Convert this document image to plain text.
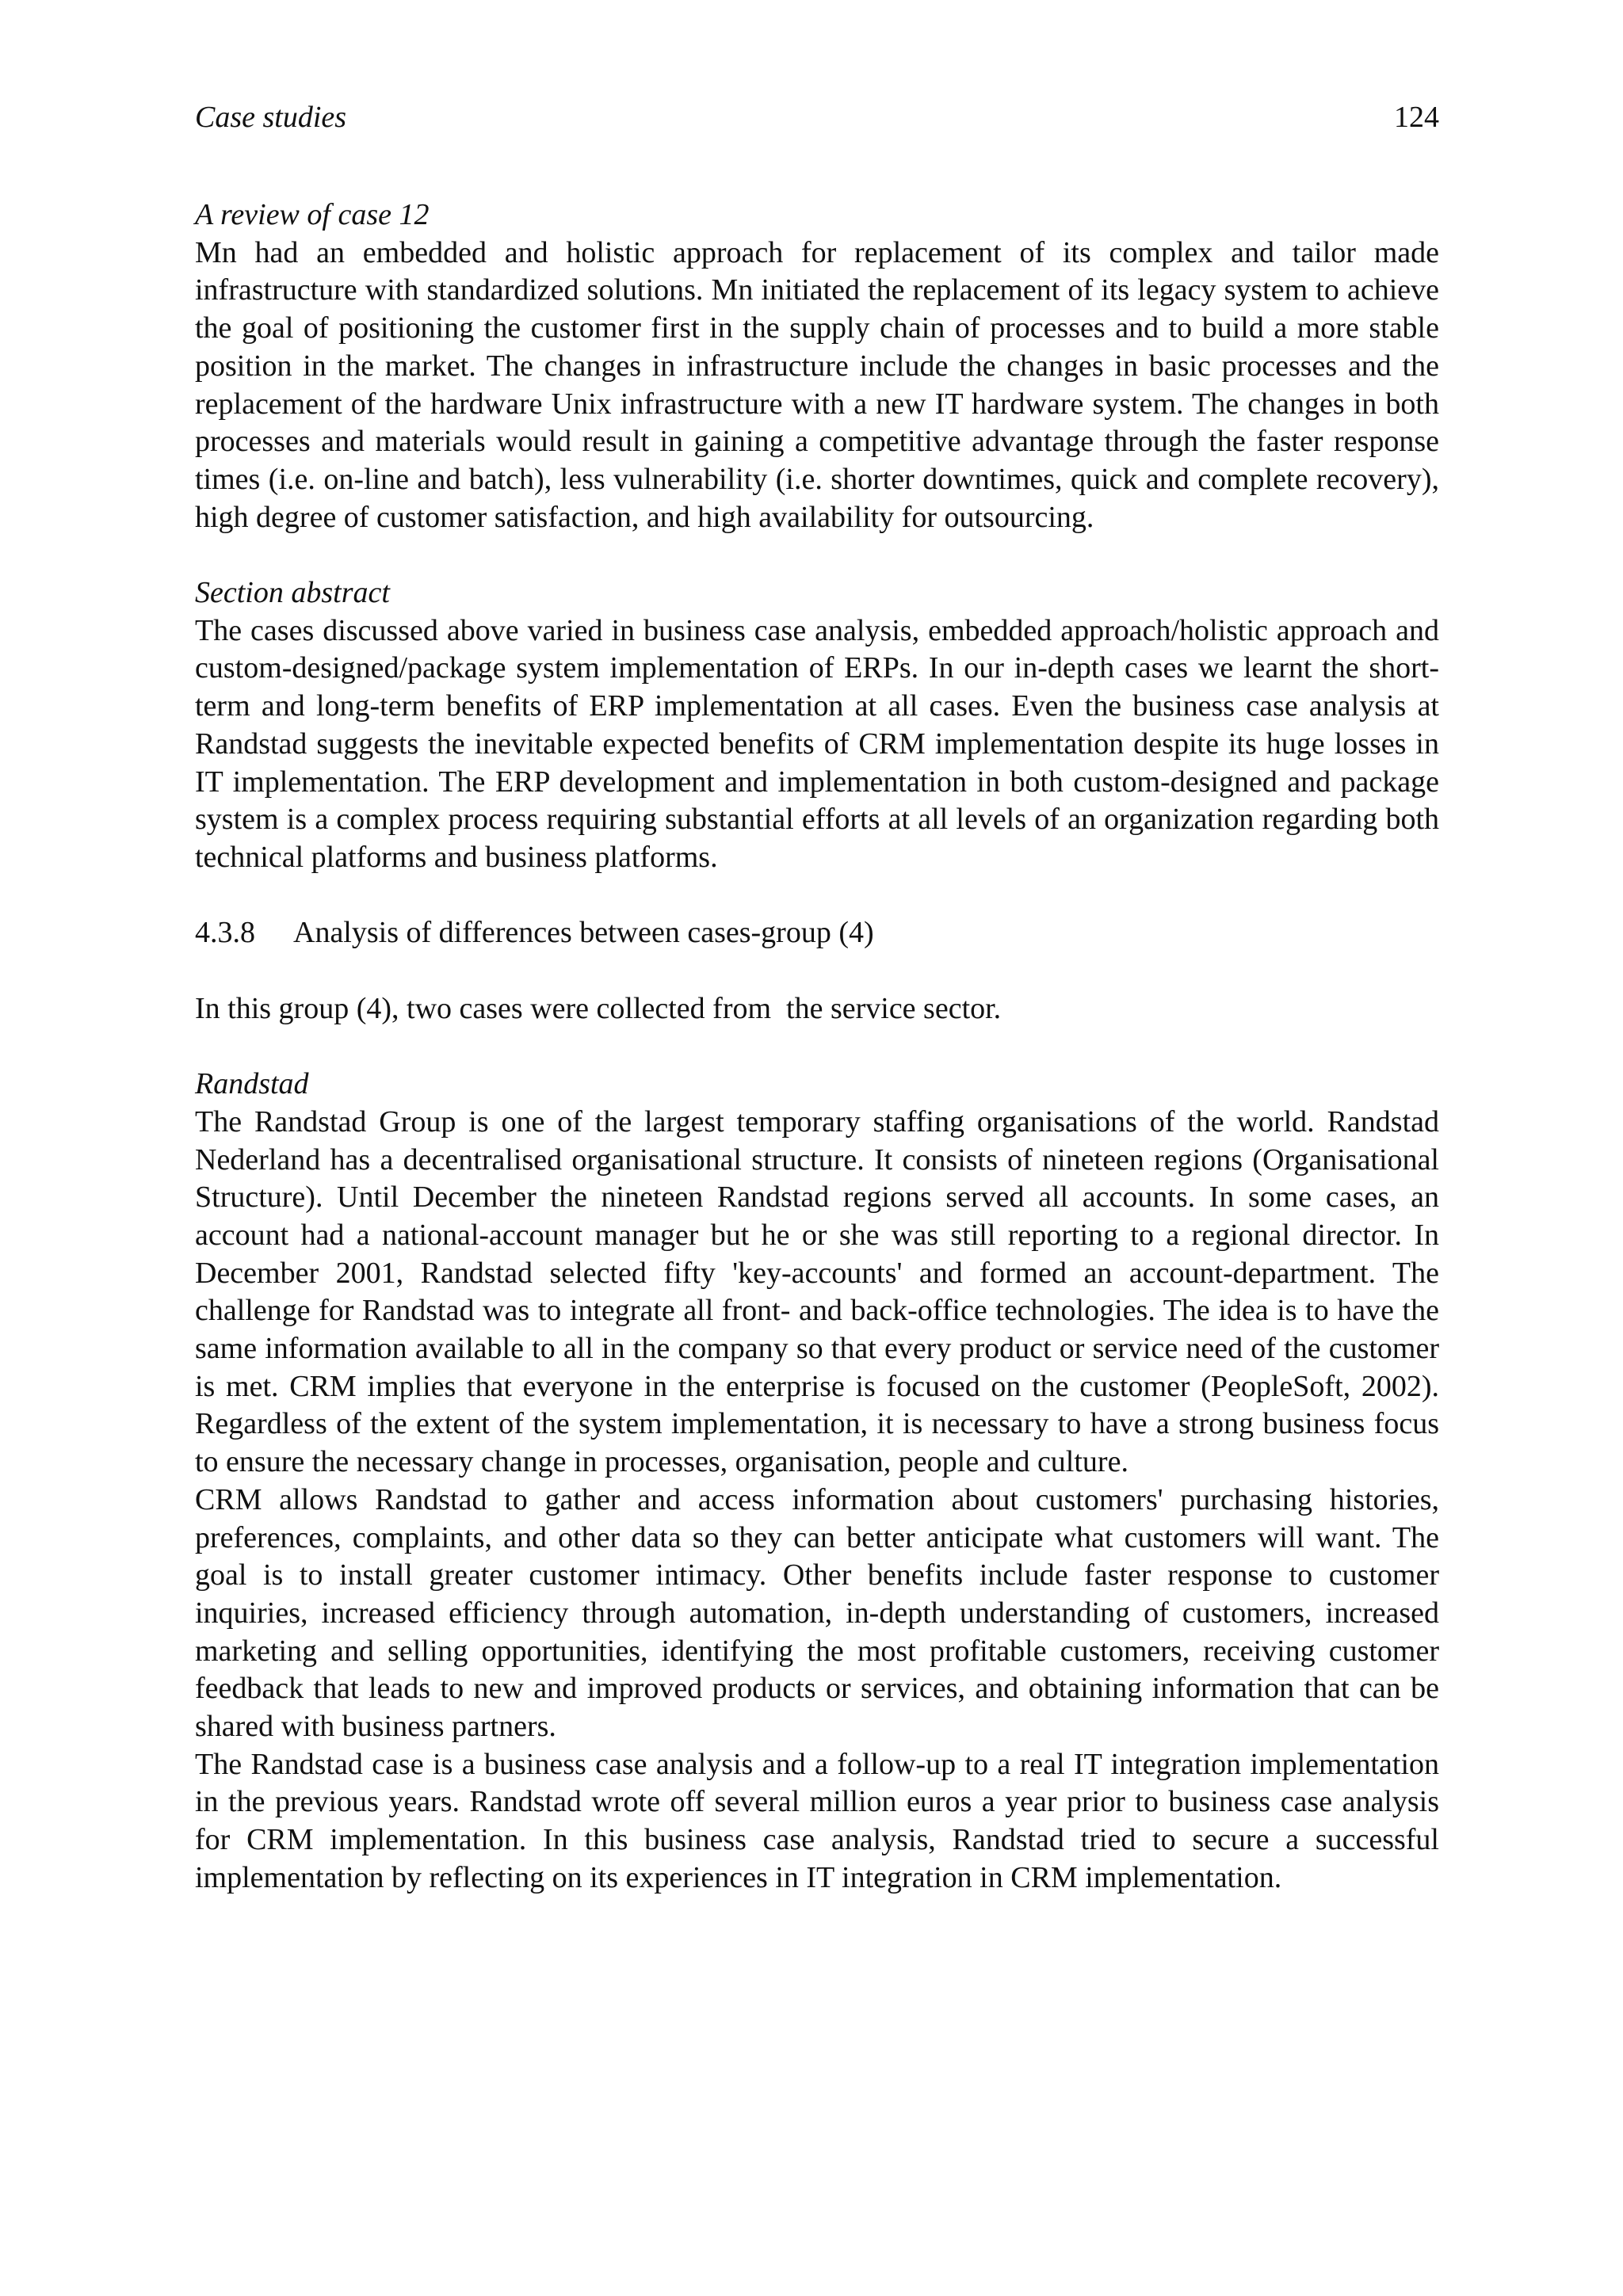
Case studies	124

A review of case 12

Mn had an embedded and holistic approach for replacement of its complex and tailor made infrastructure with standardized solutions. Mn initiated the replacement of its legacy system to achieve the goal of positioning the customer first in the supply chain of processes and to build a more stable position in the market. The changes in infrastructure include the changes in basic processes and the replacement of the hardware Unix infrastructure with a new IT hardware system. The changes in both processes and materials would result in gaining a competitive advantage through the faster response times (i.e. on-line and batch), less vulnerability (i.e. shorter downtimes, quick and complete recovery), high degree of customer satisfaction, and high availability for outsourcing.

Section abstract

The cases discussed above varied in business case analysis, embedded approach/holistic approach and custom-designed/package system implementation of ERPs. In our in-depth cases we learnt the short-term and long-term benefits of ERP implementation at all cases. Even the business case analysis at Randstad suggests the inevitable expected benefits of CRM implementation despite its huge losses in IT implementation. The ERP development and implementation in both custom-designed and package system is a complex process requiring substantial efforts at all levels of an organization regarding both technical platforms and business platforms.

4.3.8 Analysis of differences between cases-group (4)

In this group (4), two cases were collected from  the service sector.

Randstad

The Randstad Group is one of the largest temporary staffing organisations of the world. Randstad Nederland has a decentralised organisational structure. It consists of nineteen regions (Organisational Structure). Until December the nineteen Randstad regions served all accounts. In some cases, an account had a national-account manager but he or she was still reporting to a regional director. In December 2001, Randstad selected fifty 'key-accounts' and formed an account-department. The challenge for Randstad was to integrate all front- and back-office technologies. The idea is to have the same information available to all in the company so that every product or service need of the customer is met. CRM implies that everyone in the enterprise is focused on the customer (PeopleSoft, 2002). Regardless of the extent of the system implementation, it is necessary to have a strong business focus to ensure the necessary change in processes, organisation, people and culture.

CRM allows Randstad to gather and access information about customers' purchasing histories, preferences, complaints, and other data so they can better anticipate what customers will want. The goal is to install greater customer intimacy. Other benefits include faster response to customer inquiries, increased efficiency through automation, in-depth understanding of customers, increased marketing and selling opportunities, identifying the most profitable customers, receiving customer feedback that leads to new and improved products or services, and obtaining information that can be shared with business partners.

The Randstad case is a business case analysis and a follow-up to a real IT integration implementation in the previous years. Randstad wrote off several million euros a year prior to business case analysis for CRM implementation. In this business case analysis, Randstad tried to secure a successful implementation by reflecting on its experiences in IT integration in CRM implementation.
